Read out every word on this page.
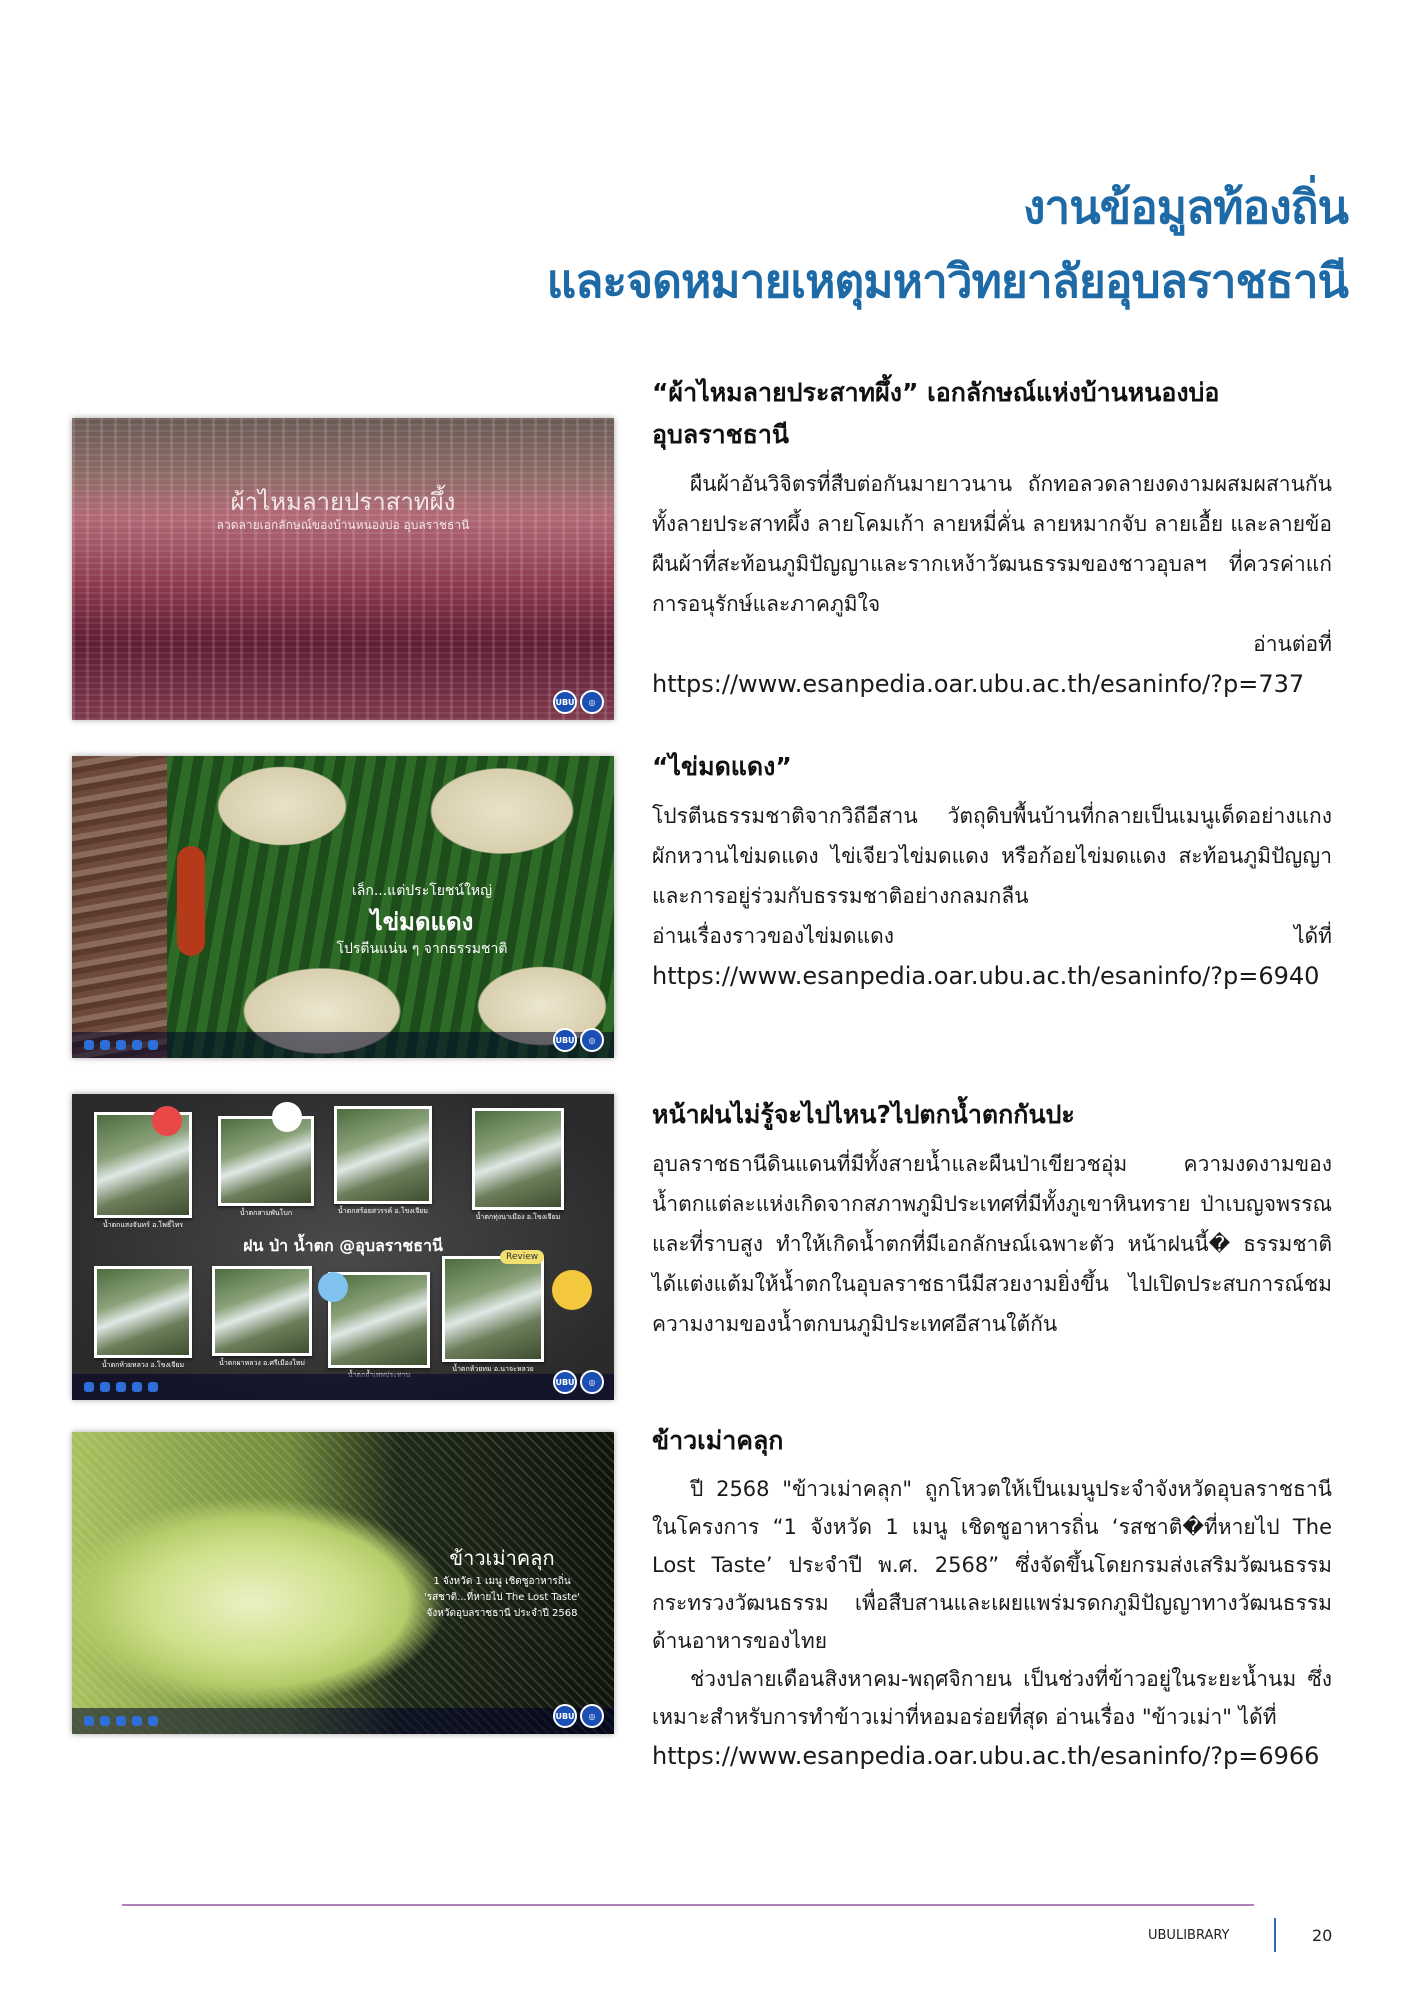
งานข้อมูลท้องถิ่น
และจดหมายเหตุมหาวิทยาลัยอุบลราชธานี
ผ้าไหมลายปราสาทผึ้ง
ลวดลายเอกลักษณ์ของบ้านหนองบ่อ อุบลราชธานี
UBU	◎
“ผ้าไหมลายประสาทผึ้ง” เอกลักษณ์แห่งบ้านหนองบ่อ
อุบลราชธานี

ผืนผ้าอันวิจิตรที่สืบต่อกันมายาวนาน ถักทอลวดลายงดงามผสมผสานกัน ทั้งลายประสาทผึ้ง ลายโคมเก้า ลายหมี่คั่น ลายหมากจับ ลายเอื้ย และลายข้อ ผืนผ้าที่สะท้อนภูมิปัญญาและรากเหง้าวัฒนธรรมของชาวอุบลฯ ที่ควรค่าแก่การอนุรักษ์และภาคภูมิใจ

อ่านต่อที่
https://www.esanpedia.oar.ubu.ac.th/esaninfo/?p=737
เล็ก...แต่ประโยชน์ใหญ่
ไข่มดแดง
โปรตีนแน่น ๆ จากธรรมชาติ
UBU	◎
“ไข่มดแดง”

โปรตีนธรรมชาติจากวิถีอีสาน วัตถุดิบพื้นบ้านที่กลายเป็นเมนูเด็ดอย่างแกงผักหวานไข่มดแดง ไข่เจียวไข่มดแดง หรือก้อยไข่มดแดง สะท้อนภูมิปัญญาและการอยู่ร่วมกับธรรมชาติอย่างกลมกลืน

อ่านเรื่องราวของไข่มดแดง	ได้ที่
https://www.esanpedia.oar.ubu.ac.th/esaninfo/?p=6940
น้ำตกแสงจันทร์ อ.โพธิ์ไทร
น้ำตกสามพันโบก	น้ำตกสร้อยสวรรค์ อ.โขงเจียม
น้ำตกทุ่งนาเมือง อ.โขงเจียม
ฝน ป่า น้ำตก @อุบลราชธานี
น้ำตกห้วยหลวง อ.โขงเจียม	น้ำตกผาหลวง อ.ศรีเมืองใหม่
น้ำตกห้วยทม อ.นาจะหลวย
Review
UBU	◎
หน้าฝนไม่รู้จะไปไหน?ไปตกน้ำตกกันปะ

อุบลราชธานีดินแดนที่มีทั้งสายน้ำและผืนป่าเขียวชอุ่ม ความงดงามของน้ำตกแต่ละแห่งเกิดจากสภาพภูมิประเทศที่มีทั้งภูเขาหินทราย ป่าเบญจพรรณ และที่ราบสูง ทำให้เกิดน้ำตกที่มีเอกลักษณ์เฉพาะตัว หน้าฝนนี้� ธรรมชาติได้แต่งแต้มให้น้ำตกในอุบลราชธานีมีสวยงามยิ่งขึ้น ไปเปิดประสบการณ์ชมความงามของน้ำตกบนภูมิประเทศอีสานใต้กัน

ข้าวเม่าคลุก
1 จังหวัด 1 เมนู เชิดชูอาหารถิ่น
'รสชาติ...ที่หายไป The Lost Taste'
จังหวัดอุบลราชธานี ประจำปี 2568
UBU	◎
ข้าวเม่าคลุก

ปี 2568 "ข้าวเม่าคลุก" ถูกโหวตให้เป็นเมนูประจำจังหวัดอุบลราชธานี ในโครงการ “1 จังหวัด 1 เมนู เชิดชูอาหารถิ่น ‘รสชาติ�ที่หายไป The Lost Taste’ ประจำปี พ.ศ. 2568” ซึ่งจัดขึ้นโดยกรมส่งเสริมวัฒนธรรม กระทรวงวัฒนธรรม เพื่อสืบสานและเผยแพร่มรดกภูมิปัญญาทางวัฒนธรรมด้านอาหารของไทย

ช่วงปลายเดือนสิงหาคม-พฤศจิกายน เป็นช่วงที่ข้าวอยู่ในระยะน้ำนม ซึ่งเหมาะสำหรับการทำข้าวเม่าที่หอมอร่อยที่สุด อ่านเรื่อง "ข้าวเม่า" ได้ที่

https://www.esanpedia.oar.ubu.ac.th/esaninfo/?p=6966
UBULIBRARY	20
